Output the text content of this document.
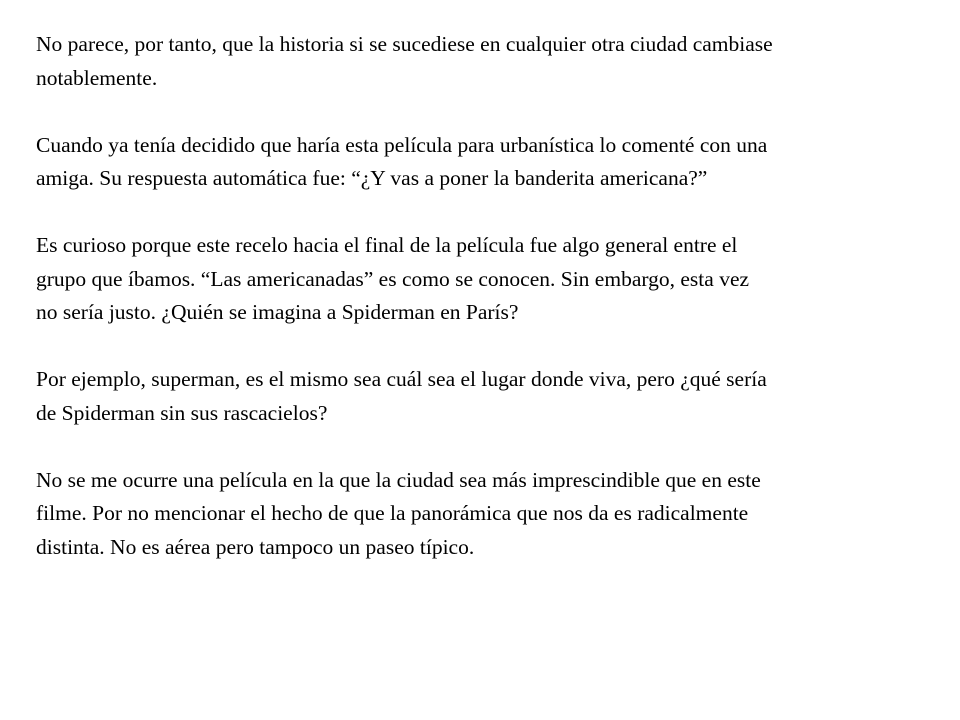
No parece, por tanto, que la historia si se sucediese en cualquier otra ciudad cambiase
notablemente.

Cuando ya tenía decidido que haría esta película para urbanística lo comenté con una
amiga. Su respuesta automática fue: “¿Y vas a poner la banderita americana?”

Es curioso porque este recelo hacia el final de la película fue algo general entre el
grupo que íbamos. “Las americanadas” es como se conocen. Sin embargo, esta vez
no sería justo. ¿Quién se imagina a Spiderman en París?

Por ejemplo, superman, es el mismo sea cuál sea el lugar donde viva, pero ¿qué sería
de Spiderman sin sus rascacielos?

No se me ocurre una película en la que la ciudad sea más imprescindible que en este
filme. Por no mencionar el hecho de que la panorámica que nos da es radicalmente
distinta. No es aérea pero tampoco un paseo típico.
